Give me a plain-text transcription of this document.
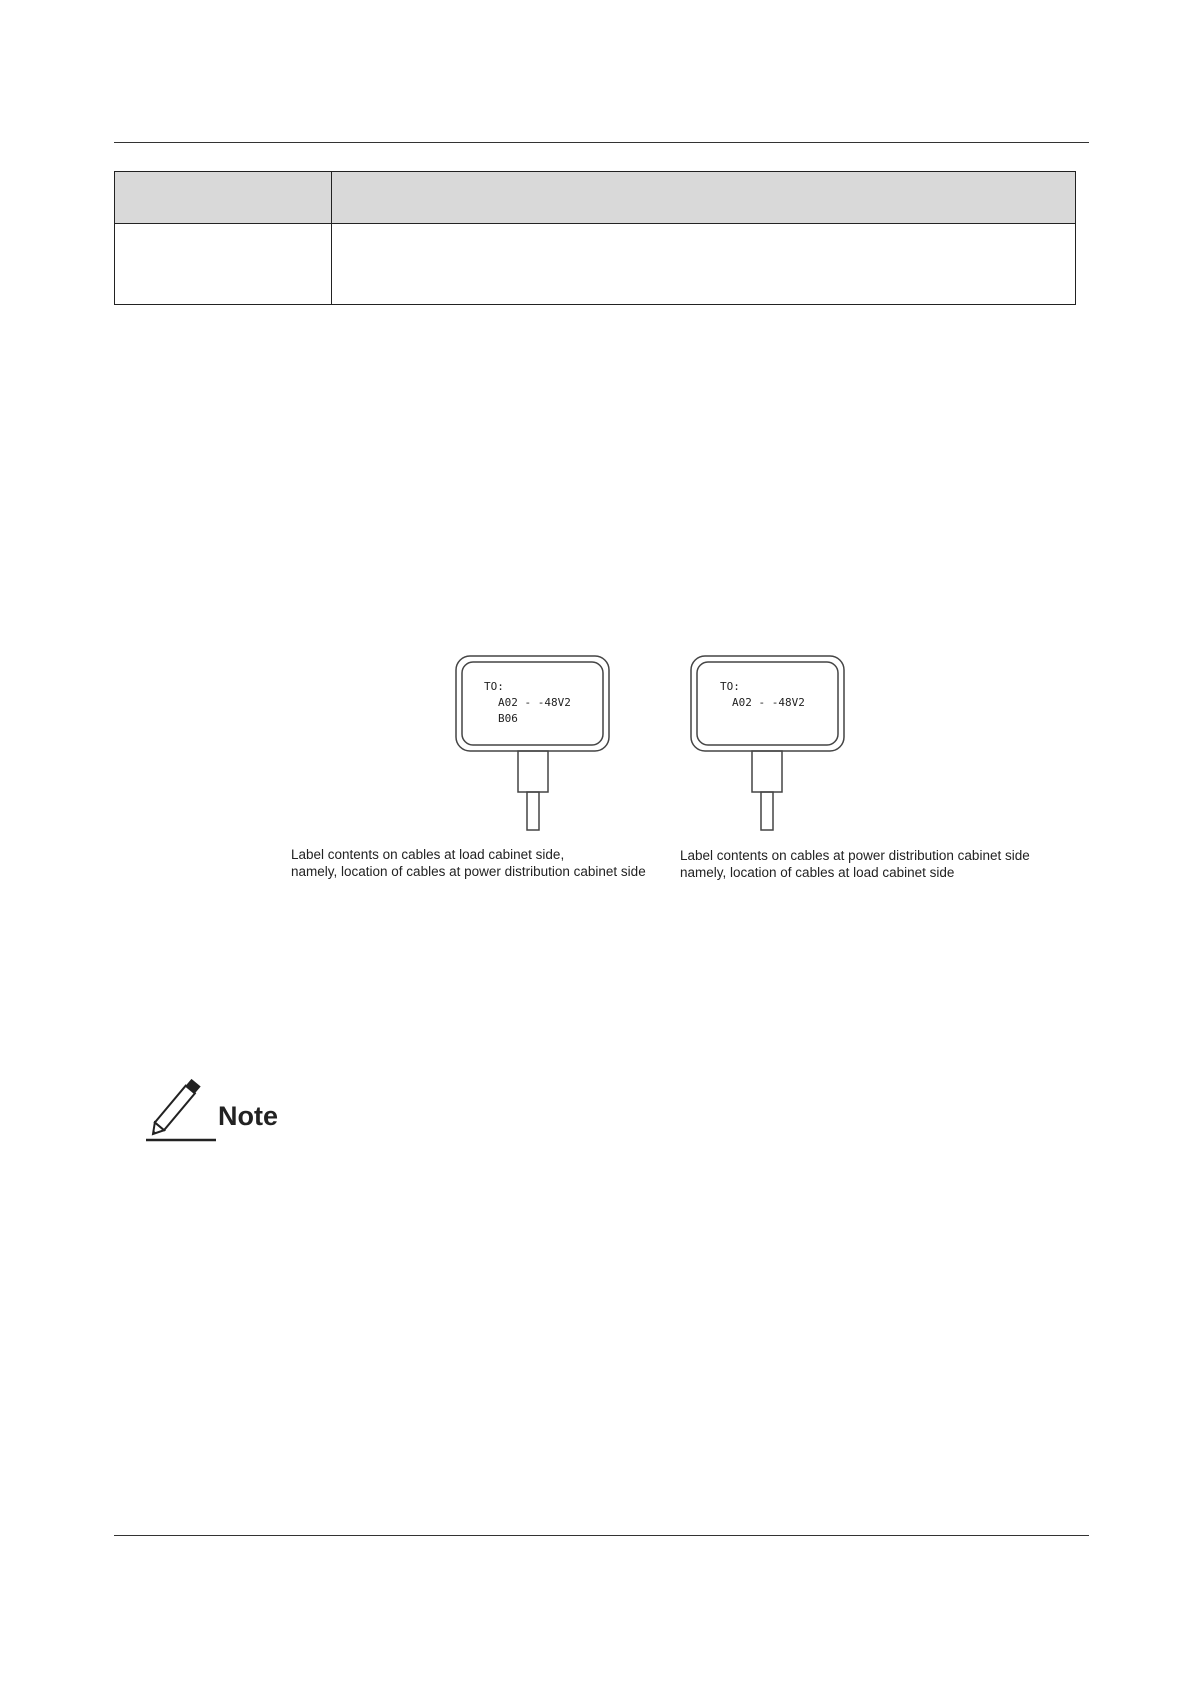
TO:
A02 - -48V2
B06
TO:
A02 - -48V2
Label contents on cables at load cabinet side,
namely, location of cables at power distribution cabinet side
Label contents on cables at power distribution cabinet side
namely, location of cables at load cabinet side
Note
